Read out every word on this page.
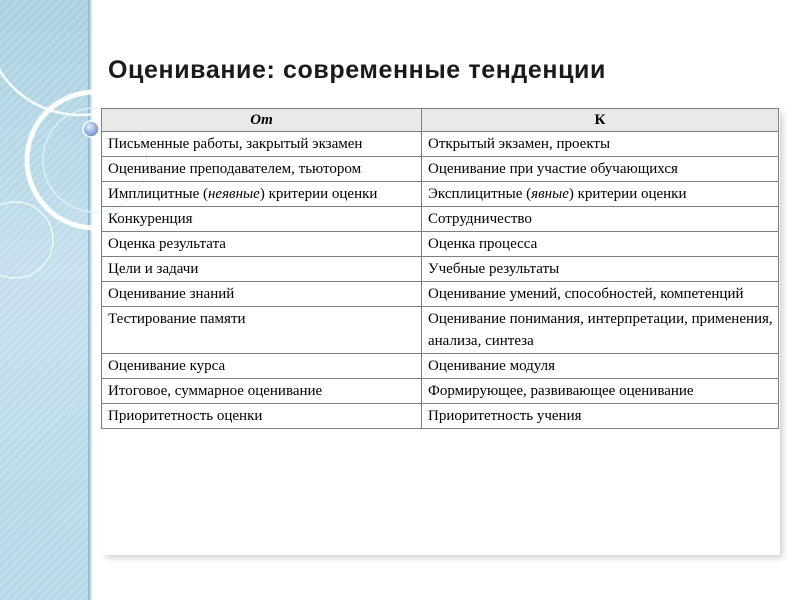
Оценивание: современные тенденции
От	К
Письменные работы, закрытый экзамен	Открытый экзамен, проекты
Оценивание преподавателем, тьютором	Оценивание при участие обучающихся
Имплицитные (неявные) критерии оценки	Эксплицитные (явные) критерии оценки
Конкуренция	Сотрудничество
Оценка результата	Оценка процесса
Цели и задачи	Учебные результаты
Оценивание знаний	Оценивание умений, способностей, компетенций
Тестирование памяти	Оценивание понимания, интерпретации, применения, анализа, синтеза
Оценивание курса	Оценивание модуля
Итоговое, суммарное оценивание	Формирующее, развивающее оценивание
Приоритетность оценки	Приоритетность учения
